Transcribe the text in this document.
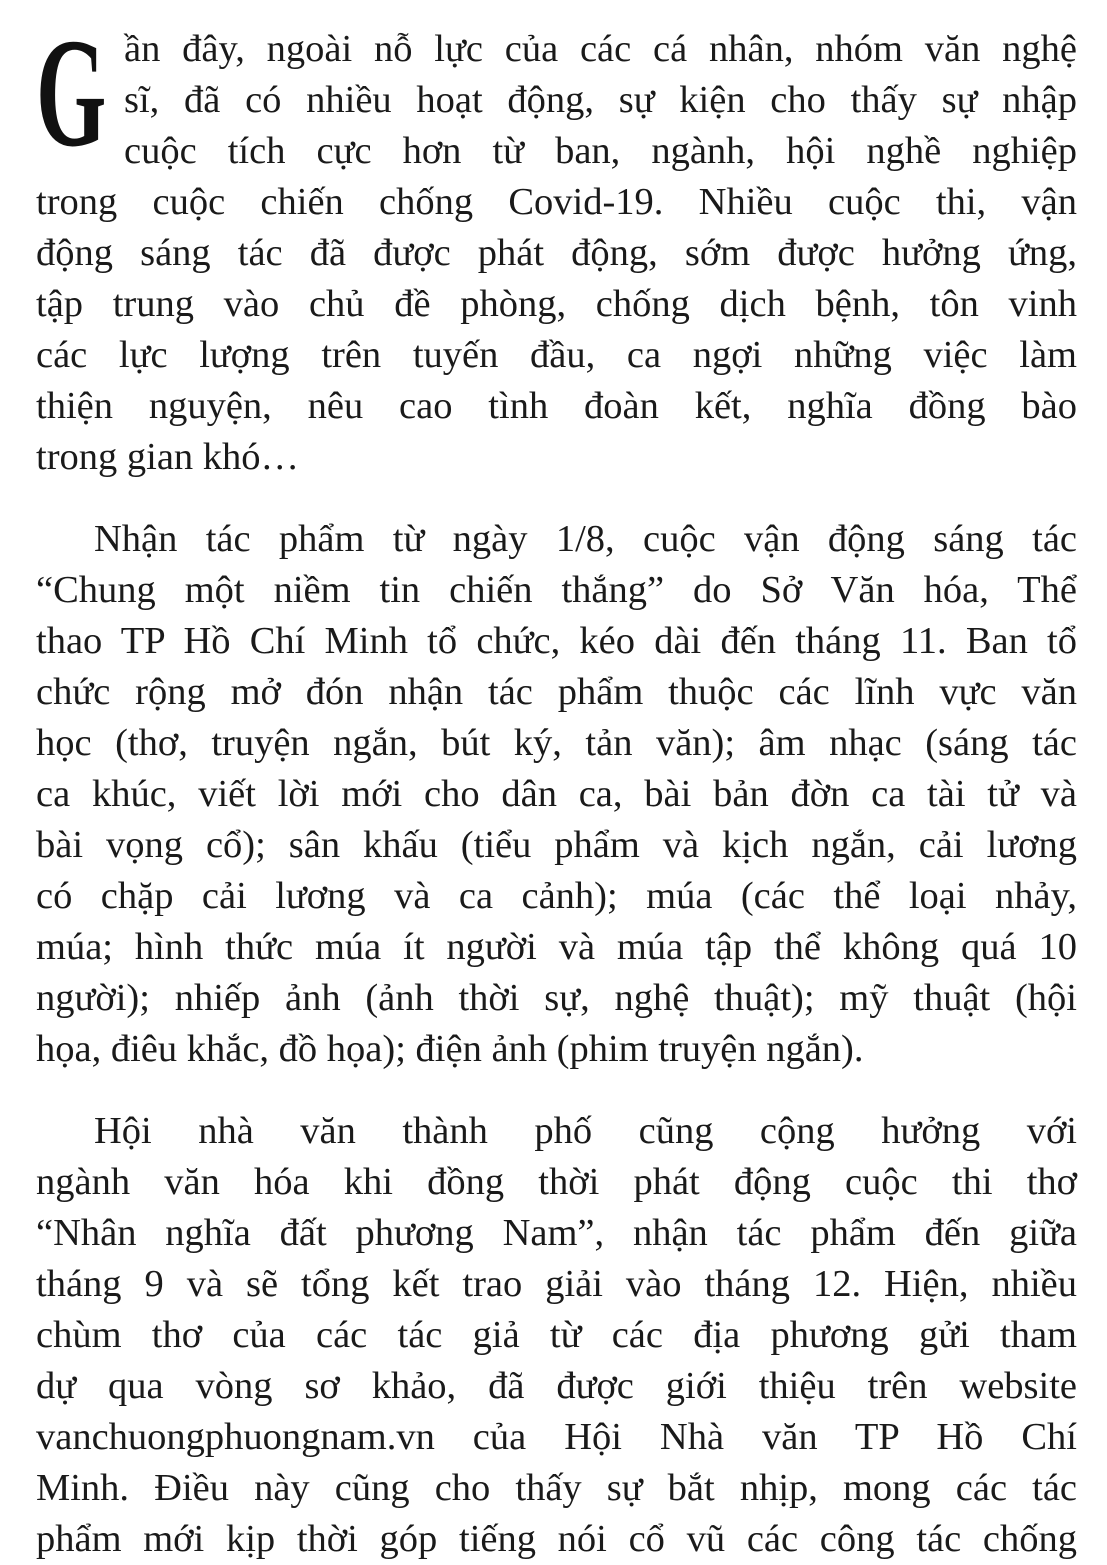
G ần đây, ngoài nỗ lực của các cá nhân, nhóm văn nghệ
sĩ, đã có nhiều hoạt động, sự kiện cho thấy sự nhập
cuộc tích cực hơn từ ban, ngành, hội nghề nghiệp
trong cuộc chiến chống Covid-19. Nhiều cuộc thi, vận
động sáng tác đã được phát động, sớm được hưởng ứng,
tập trung vào chủ đề phòng, chống dịch bệnh, tôn vinh
các lực lượng trên tuyến đầu, ca ngợi những việc làm
thiện nguyện, nêu cao tình đoàn kết, nghĩa đồng bào
trong gian khó…
Nhận tác phẩm từ ngày 1/8, cuộc vận động sáng tác
“Chung một niềm tin chiến thắng” do Sở Văn hóa, Thể
thao TP Hồ Chí Minh tổ chức, kéo dài đến tháng 11. Ban tổ
chức rộng mở đón nhận tác phẩm thuộc các lĩnh vực văn
học (thơ, truyện ngắn, bút ký, tản văn); âm nhạc (sáng tác
ca khúc, viết lời mới cho dân ca, bài bản đờn ca tài tử và
bài vọng cổ); sân khấu (tiểu phẩm và kịch ngắn, cải lương
có chặp cải lương và ca cảnh); múa (các thể loại nhảy,
múa; hình thức múa ít người và múa tập thể không quá 10
người); nhiếp ảnh (ảnh thời sự, nghệ thuật); mỹ thuật (hội
họa, điêu khắc, đồ họa); điện ảnh (phim truyện ngắn).
Hội nhà văn thành phố cũng cộng hưởng với
ngành văn hóa khi đồng thời phát động cuộc thi thơ
“Nhân nghĩa đất phương Nam”, nhận tác phẩm đến giữa
tháng 9 và sẽ tổng kết trao giải vào tháng 12. Hiện, nhiều
chùm thơ của các tác giả từ các địa phương gửi tham
dự qua vòng sơ khảo, đã được giới thiệu trên website
vanchuongphuongnam.vn của Hội Nhà văn TP Hồ Chí
Minh. Điều này cũng cho thấy sự bắt nhịp, mong các tác
phẩm mới kịp thời góp tiếng nói cổ vũ các công tác chống
